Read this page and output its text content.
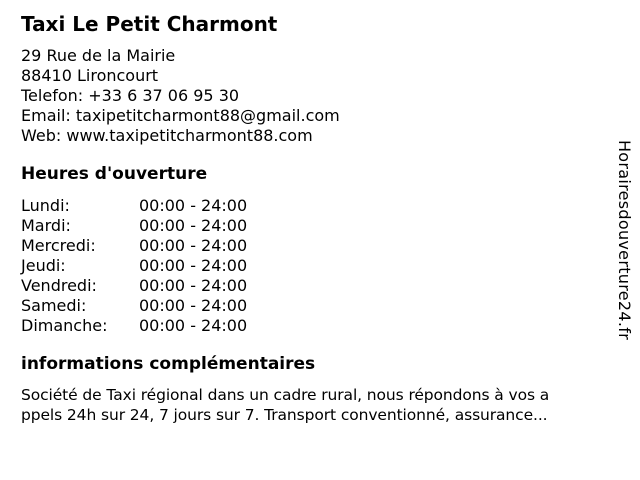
Taxi Le Petit Charmont
29 Rue de la Mairie
88410 Lironcourt
Telefon: +33 6 37 06 95 30
Email: taxipetitcharmont88@gmail.com
Web: www.taxipetitcharmont88.com
Heures d'ouverture
Lundi:	00:00 - 24:00
Mardi:	00:00 - 24:00
Mercredi:	00:00 - 24:00
Jeudi:	00:00 - 24:00
Vendredi:	00:00 - 24:00
Samedi:	00:00 - 24:00
Dimanche:	00:00 - 24:00
informations complémentaires
Société de Taxi régional dans un cadre rural, nous répondons à vos a
ppels 24h sur 24, 7 jours sur 7. Transport conventionné, assurance...
Horairesdouverture24.fr
